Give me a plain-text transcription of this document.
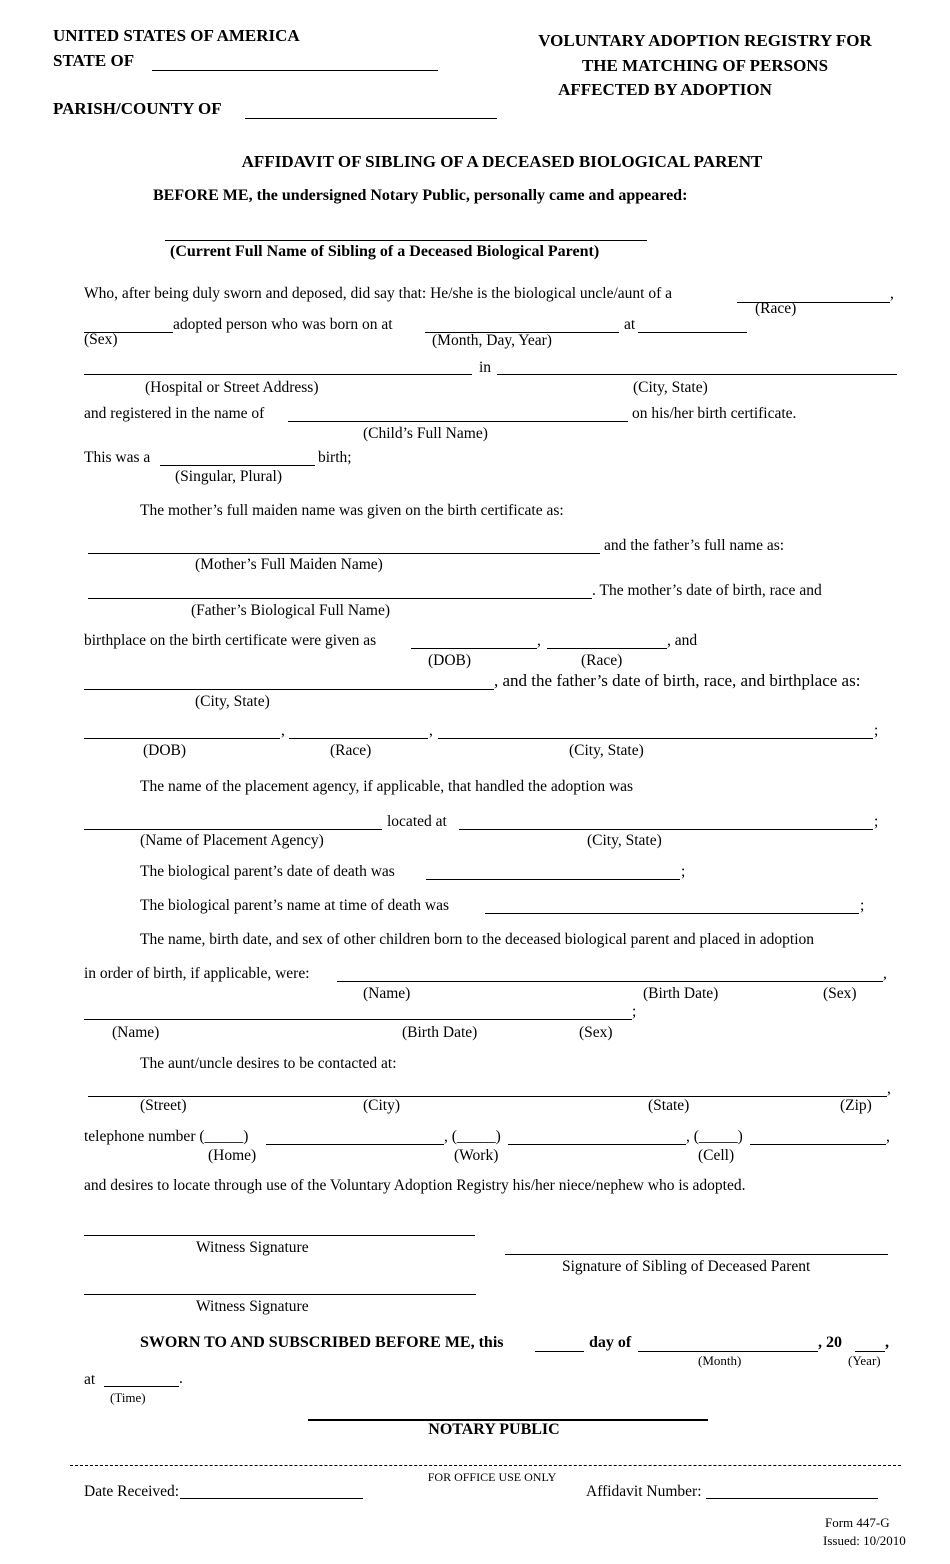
UNITED STATES OF AMERICA
STATE OF
PARISH/COUNTY OF
VOLUNTARY ADOPTION REGISTRY FOR
THE MATCHING OF PERSONS
AFFECTED BY ADOPTION
AFFIDAVIT OF SIBLING OF A DECEASED BIOLOGICAL PARENT
BEFORE ME, the undersigned Notary Public, personally came and appeared:
(Current Full Name of Sibling of a Deceased Biological Parent)
Who, after being duly sworn and deposed, did say that: He/she is the biological uncle/aunt of a	,
(Race)
adopted person who was born on at	at
(Sex)	(Month, Day, Year)
in
(Hospital or Street Address)	(City, State)
and registered in the name of	on his/her birth certificate.
(Child’s Full Name)
This was a	birth;
(Singular, Plural)
The mother’s full maiden name was given on the birth certificate as:
and the father’s full name as:
(Mother’s Full Maiden Name)
. The mother’s date of birth, race and
(Father’s Biological Full Name)
birthplace on the birth certificate were given as	,	, and
(DOB)	(Race)
, and the father’s date of birth, race, and birthplace as:
(City, State)
,	,	;
(DOB)	(Race)	(City, State)
The name of the placement agency, if applicable, that handled the adoption was
located at	;
(Name of Placement Agency)	(City, State)
The biological parent’s date of death was	;
The biological parent’s name at time of death was	;
The name, birth date, and sex of other children born to the deceased biological parent and placed in adoption
in order of birth, if applicable, were:	,
(Name)	(Birth Date)	(Sex)
;
(Name)	(Birth Date)	(Sex)
The aunt/uncle desires to be contacted at:
,
(Street)	(City)	(State)	(Zip)
telephone number (_____)	, (_____)	, (_____)	,
(Home)	(Work)	(Cell)
and desires to locate through use of the Voluntary Adoption Registry his/her niece/nephew who is adopted.
Witness Signature
Signature of Sibling of Deceased Parent
Witness Signature
SWORN TO AND SUBSCRIBED BEFORE ME, this	day of	, 20	,
(Month)	(Year)
at	.
(Time)
NOTARY PUBLIC
FOR OFFICE USE ONLY
Date Received:	Affidavit Number:
Form 447-G
Issued: 10/2010
